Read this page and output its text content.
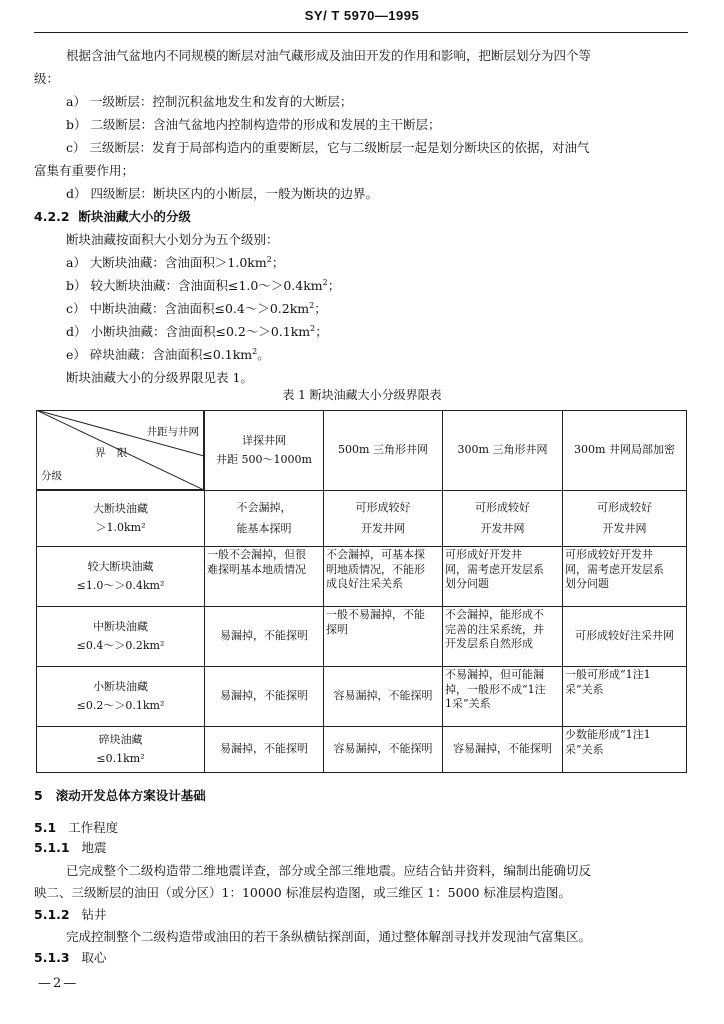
SY/ T 5970—1995
根据含油气盆地内不同规模的断层对油气藏形成及油田开发的作用和影响，把断层划分为四个等
级：
a） 一级断层：控制沉积盆地发生和发育的大断层；
b） 二级断层：含油气盆地内控制构造带的形成和发展的主干断层；
c） 三级断层：发育于局部构造内的重要断层，它与二级断层一起是划分断块区的依据，对油气
富集有重要作用；
d） 四级断层：断块区内的小断层，一般为断块的边界。
4.2.2 断块油藏大小的分级
断块油藏按面积大小划分为五个级别：
a） 大断块油藏：含油面积$>1.0km^2$；
b） 较大断块油藏：含油面积$\le 1.0\sim>0.4km^2$；
c） 中断块油藏：含油面积$\le 0.4\sim>0.2km^2$；
d） 小断块油藏：含油面积$\le 0.2\sim>0.1km^2$；
e） 碎块油藏：含油面积$\le 0.1km^2$。
断块油藏大小的分级界限见表 1。
表 1 断块油藏大小分级界限表
井距与井网
界 限
分级
详探井网
井距 500～1000m
500m 三角形井网	300m 三角形井网 300m 井网局部加密
大断块油藏
＞1.0km²
不会漏掉，
能基本探明
可形成较好
开发井网
可形成较好
开发井网
可形成较好
开发井网
较大断块油藏
≤1.0～＞0.4km²
一般不会漏掉，但很
难探明基本地质情况
不会漏掉，可基本探
明地质情况，不能形
成良好注采关系
可形成好开发井
网，需考虑开发层系
划分问题
可形成较好开发井
网，需考虑开发层系
划分问题
中断块油藏
≤0.4～＞0.2km²
易漏掉，不能探明
一般不易漏掉，不能
探明
不会漏掉，能形成不
完善的注采系统，并
开发层系自然形成
可形成较好注采井网
小断块油藏
≤0.2～＞0.1km²
易漏掉，不能探明 容易漏掉，不能探明
不易漏掉，但可能漏
掉，一般形不成“1注
1采”关系
一般可形成“1注1
采”关系
碎块油藏
≤0.1km²
易漏掉，不能探明 容易漏掉，不能探明 容易漏掉，不能探明
少数能形成“1注1
采”关系
5 滚动开发总体方案设计基础
5.1 工作程度
5.1.1 地震
已完成整个二级构造带二维地震详查，部分或全部三维地震。应结合钻井资料，编制出能确切反
映二、三级断层的油田（或分区）1：10000 标准层构造图，或三维区 1：5000 标准层构造图。
5.1.2 钻井
完成控制整个二级构造带或油田的若干条纵横钻探剖面，通过整体解剖寻找并发现油气富集区。
5.1.3 取心
—2—
